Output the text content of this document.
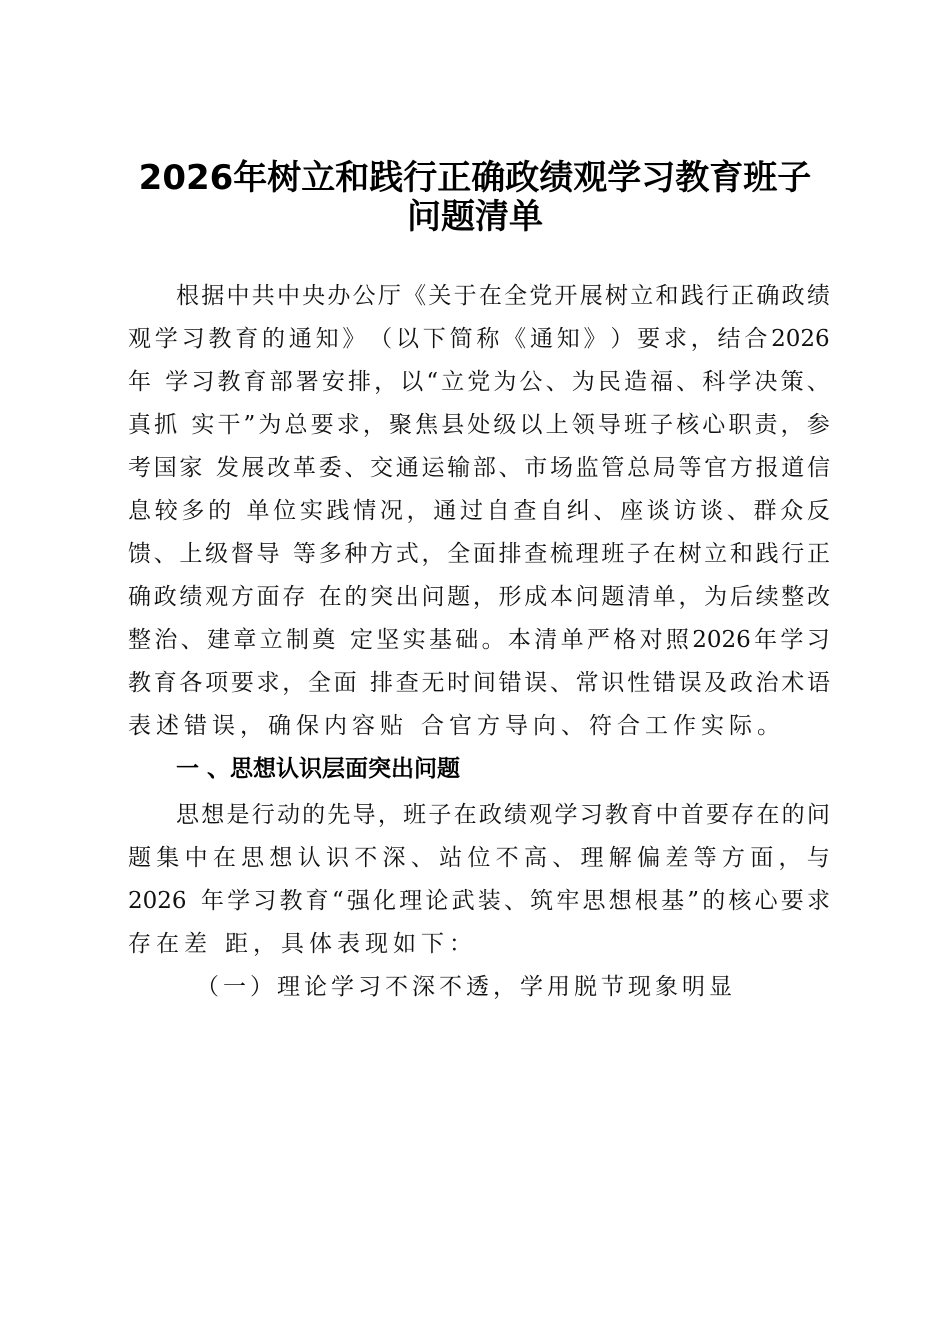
2026年树立和践行正确政绩观学习教育班子
问题清单
根 据 中 共 中 央 办 公 厅 《 关 于 在 全 党 开 展 树 立 和 践 行 正 确 政 绩
观 学 习 教 育 的 通 知 》 （ 以 下 简 称 《 通 知 》 ） 要 求 ， 结 合 2026
年 学 习 教 育 部 署 安 排 ， 以 “ 立 党 为 公 、 为 民 造 福 、 科 学 决 策 、
真 抓 实 干 ” 为 总 要 求 ， 聚 焦 县 处 级 以 上 领 导 班 子 核 心 职 责 ， 参
考 国 家 发 展 改 革 委 、 交 通 运 输 部 、 市 场 监 管 总 局 等 官 方 报 道 信
息 较 多 的 单 位 实 践 情 况 ， 通 过 自 查 自 纠 、 座 谈 访 谈 、 群 众 反
馈 、 上 级 督 导 等 多 种 方 式 ， 全 面 排 查 梳 理 班 子 在 树 立 和 践 行 正
确 政 绩 观 方 面 存 在 的 突 出 问 题 ， 形 成 本 问 题 清 单 ， 为 后 续 整 改
整 治 、 建 章 立 制 奠 定 坚 实 基 础 。 本 清 单 严 格 对 照 2026 年 学 习
教 育 各 项 要 求 ， 全 面 排 查 无 时 间 错 误 、 常 识 性 错 误 及 政 治 术 语
表 述 错 误 ， 确 保 内 容 贴 合 官 方 导 向 、 符 合 工 作 实 际 。
一 、思想认识层面突出问题
思 想 是 行 动 的 先 导 ， 班 子 在 政 绩 观 学 习 教 育 中 首 要 存 在 的 问
题 集 中 在 思 想 认 识 不 深 、 站 位 不 高 、 理 解 偏 差 等 方 面 ， 与
2026 年 学 习 教 育 “ 强 化 理 论 武 装 、 筑 牢 思 想 根 基 ” 的 核 心 要 求
存 在 差 距 ， 具 体 表 现 如 下 ：
（一）理论学习不深不透，学用脱节现象明显
